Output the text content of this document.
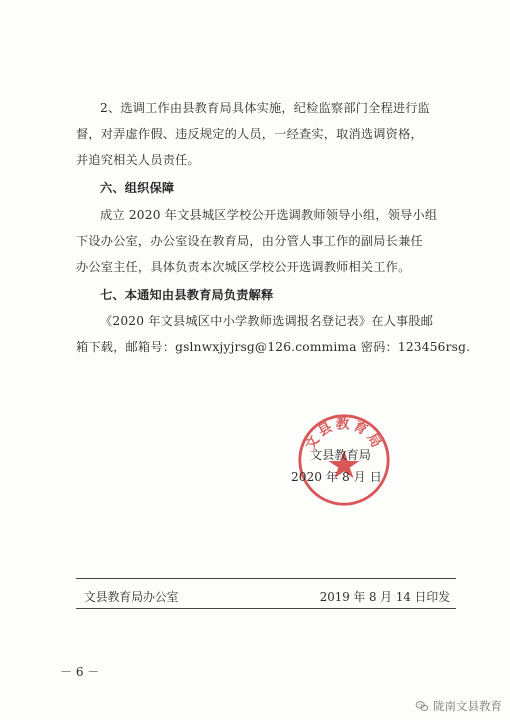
2、选调工作由县教育局具体实施，纪检监察部门全程进行监
督，对弄虚作假、违反规定的人员，一经查实，取消选调资格，
并追究相关人员责任。
六、组织保障
成立 2020 年文县城区学校公开选调教师领导小组，领导小组
下设办公室，办公室设在教育局，由分管人事工作的副局长兼任
办公室主任，具体负责本次城区学校公开选调教师相关工作。
七、本通知由县教育局负责解释
《2020 年文县城区中小学教师选调报名登记表》在人事股邮
箱下载，邮箱号：gslnwxjyjrsg@126.commima 密码：123456rsg.
文县教育局
文县教育局
2020 年 8 月 日
文县教育局办公室	2019 年 8 月 14 日印发
－ 6 －
陇南文县教育
